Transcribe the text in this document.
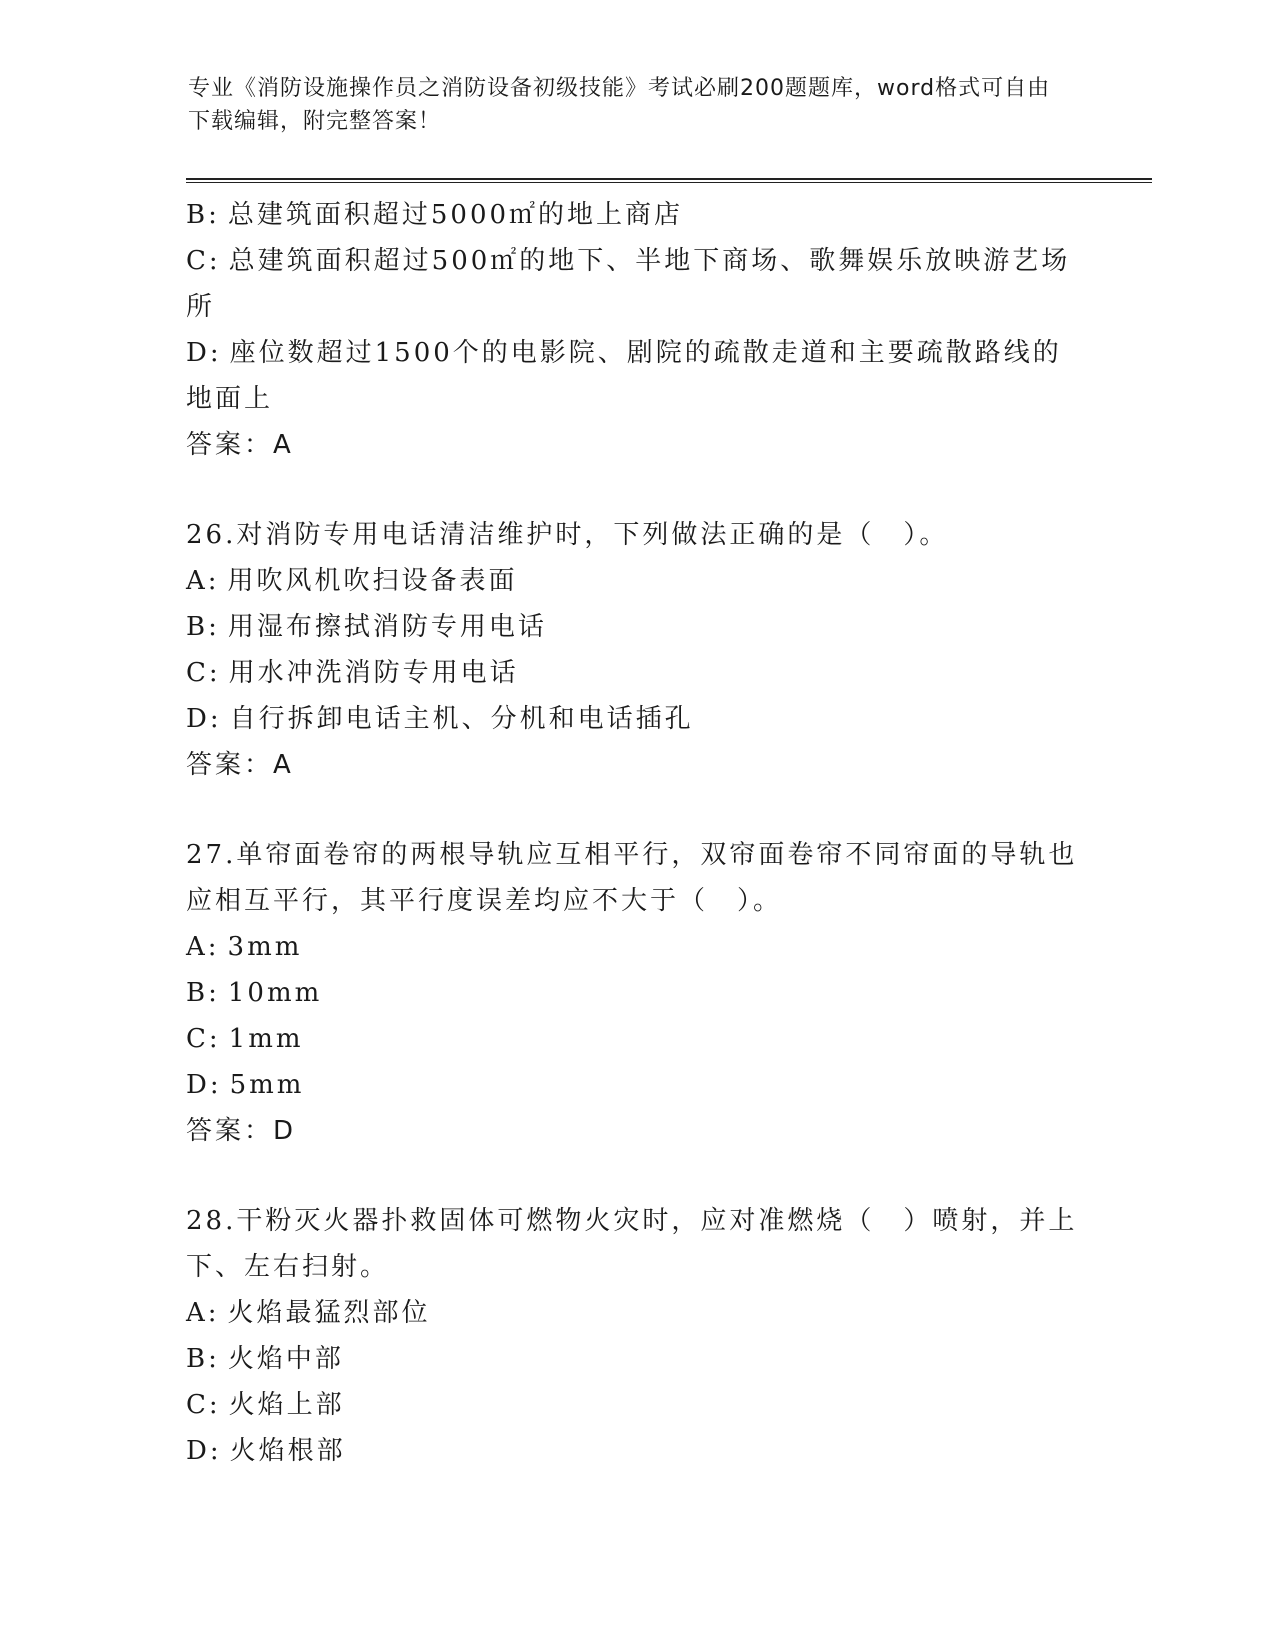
专业《消防设施操作员之消防设备初级技能》考试必刷200题题库，word格式可自由下载编辑，附完整答案！
B: 总建筑面积超过5000㎡的地上商店
C: 总建筑面积超过500㎡的地下、半地下商场、歌舞娱乐放映游艺场所
D: 座位数超过1500个的电影院、剧院的疏散走道和主要疏散路线的地面上
答案：A
26.对消防专用电话清洁维护时，下列做法正确的是（　）。
A: 用吹风机吹扫设备表面
B: 用湿布擦拭消防专用电话
C: 用水冲洗消防专用电话
D: 自行拆卸电话主机、分机和电话插孔
答案：A
27.单帘面卷帘的两根导轨应互相平行，双帘面卷帘不同帘面的导轨也应相互平行，其平行度误差均应不大于（　）。
A: 3mm
B: 10mm
C: 1mm
D: 5mm
答案：D
28.干粉灭火器扑救固体可燃物火灾时，应对准燃烧（　）喷射，并上下、左右扫射。
A: 火焰最猛烈部位
B: 火焰中部
C: 火焰上部
D: 火焰根部
